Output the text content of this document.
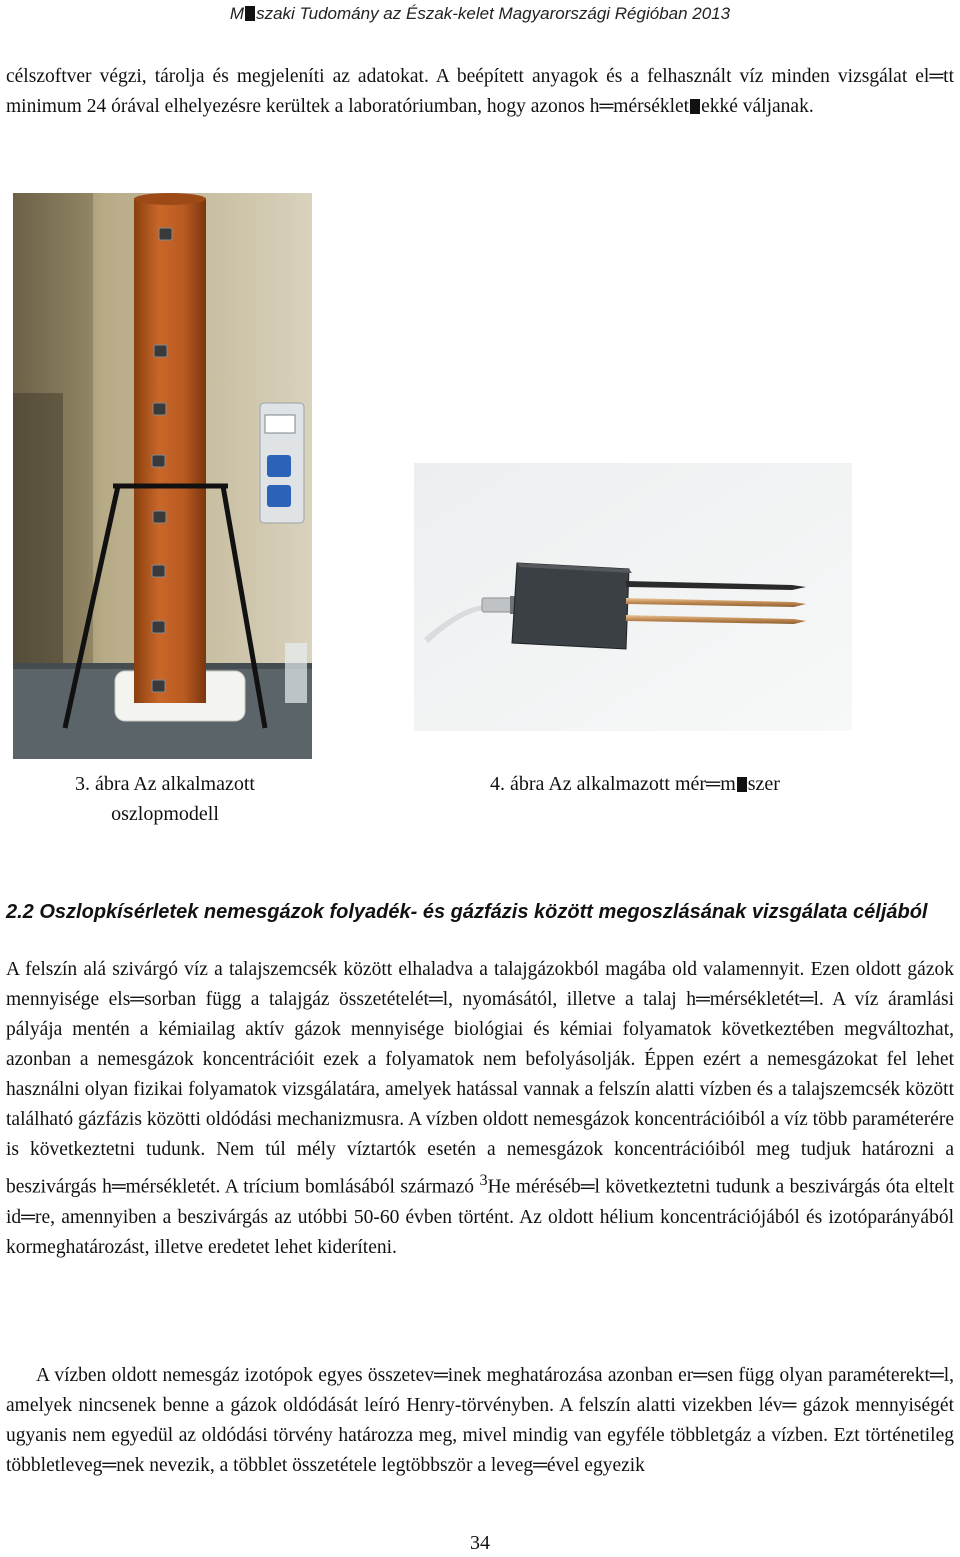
M szaki Tudomány az Észak-kelet Magyarországi Régióban 2013

célszoftver végzi, tárolja és megjeleníti az adatokat. A beépített anyagok és a felhasznált víz minden vizsgálat el═tt minimum 24 órával elhelyezésre kerültek a laboratóriumban, hogy azonos h═mérséklet ekké váljanak.

3. ábra Az alkalmazott
oszlopmodell
4. ábra Az alkalmazott mér═m szer
2.2 Oszlopkísérletek nemesgázok folyadék- és gázfázis között megoszlásának vizsgálata céljából

A felszín alá szivárgó víz a talajszemcsék között elhaladva a talajgázokból magába old valamennyit. Ezen oldott gázok mennyisége els═sorban függ a talajgáz összetételét═l, nyomásától, illetve a talaj h═mérsékletét═l. A víz áramlási pályája mentén a kémiailag aktív gázok mennyisége biológiai és kémiai folyamatok következtében megváltozhat, azonban a nemesgázok koncentrációit ezek a folyamatok nem befolyásolják. Éppen ezért a nemesgázokat fel lehet használni olyan fizikai folyamatok vizsgálatára, amelyek hatással vannak a felszín alatti vízben és a talajszemcsék között található gázfázis közötti oldódási mechanizmusra. A vízben oldott nemesgázok koncentrációiból a víz több paraméterére is következtetni tudunk. Nem túl mély víztartók esetén a nemesgázok koncentrációiból meg tudjuk határozni a beszivárgás h═mérsékletét. A trícium bomlásából származó $^3$He méréséb═l következtetni tudunk a beszivárgás óta eltelt id═re, amennyiben a beszivárgás az utóbbi 50-60 évben történt. Az oldott hélium koncentrációjából és izotóparányából kormeghatározást, illetve eredetet lehet kideríteni.

A vízben oldott nemesgáz izotópok egyes összetev═inek meghatározása azonban er═sen függ olyan paraméterekt═l, amelyek nincsenek benne a gázok oldódását leíró Henry-törvényben. A felszín alatti vizekben lév═ gázok mennyiségét ugyanis nem egyedül az oldódási törvény határozza meg, mivel mindig van egyféle többletgáz a vízben. Ezt történetileg többletleveg═nek nevezik, a többlet összetétele legtöbbször a leveg═ével egyezik

34
